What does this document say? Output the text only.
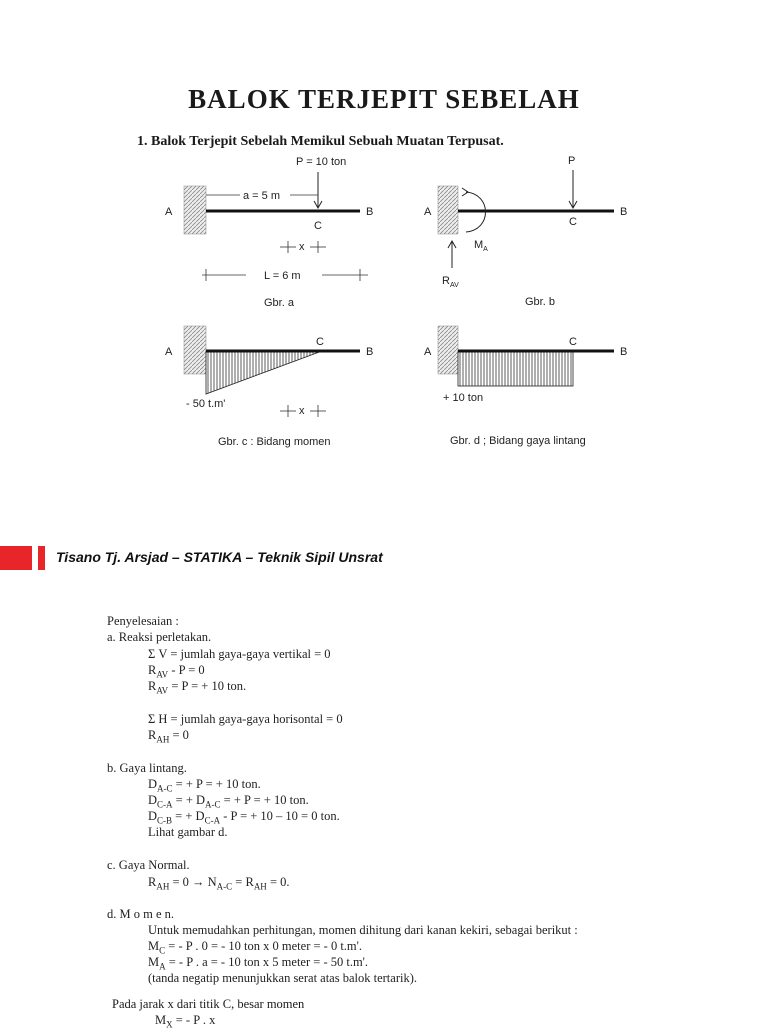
BALOK TERJEPIT SEBELAH
1. Balok Terjepit Sebelah Memikul Sebuah Muatan Terpusat.
P = 10 ton
a = 5 m
A	B
C
x
L = 6 m
Gbr. a
P
$M_A$
$R_{AV}$
A	B
C
Gbr. b
A	B
C
- 50 t.m'
x
Gbr. c : Bidang momen
A	B
C
+ 10 ton
Gbr. d ; Bidang gaya lintang
Tisano Tj. Arsjad – STATIKA – Teknik Sipil Unsrat
Penyelesaian :
a. Reaksi perletakan.
Σ V = jumlah gaya-gaya vertikal = 0
$R_{AV} - P = 0$
$R_{AV} = P$ = + 10 ton.
Σ H = jumlah gaya-gaya horisontal = 0
$R_{AH} = 0$
b. Gaya lintang.
$D_{A-C}$ = + P = + 10 ton.
$D_{C-A}$ = + $D_{A-C}$ = + P = + 10 ton.
$D_{C-B}$ = + $D_{C-A}$ - P = + 10 – 10 = 0 ton.
Lihat gambar d.
c. Gaya Normal.
$R_{AH} = 0 \to N_{A-C} = R_{AH} = 0$.
d. M o m e n.
Untuk memudahkan perhitungan, momen dihitung dari kanan kekiri, sebagai berikut :
$M_C$ = - P . 0 = - 10 ton x 0 meter = - 0 t.m'.
$M_A$ = - P . a = - 10 ton x 5 meter = - 50 t.m'.
(tanda negatip menunjukkan serat atas balok tertarik).
Pada jarak x dari titik C, besar momen
$M_X$ = - P . x
